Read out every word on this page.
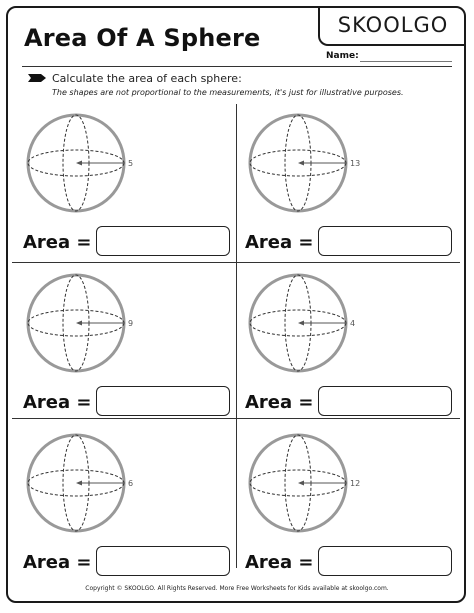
Area Of A Sphere	SKOOLGO
Name:
Calculate the area of each sphere:
The shapes are not proportional to the measurements, it's just for illustrative purposes.
5
Area =
13
Area =
9
Area =
4
Area =
6
Area =
12
Area =
Copyright © SKOOLGO. All Rights Reserved. More Free Worksheets for Kids available at skoolgo.com.
